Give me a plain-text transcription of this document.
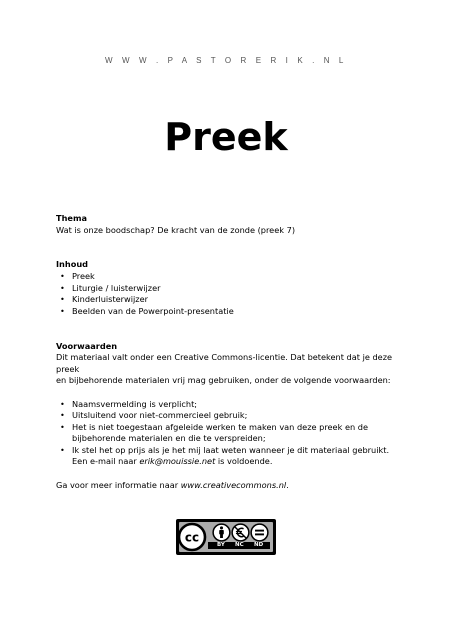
W W W . P A S T O R E R I K . N L
Preek
Thema
Wat is onze boodschap? De kracht van de zonde (preek 7)
Inhoud
• Preek
• Liturgie / luisterwijzer
• Kinderluisterwijzer
• Beelden van de Powerpoint-presentatie
Voorwaarden
Dit materiaal valt onder een Creative Commons-licentie. Dat betekent dat je deze preek
en bijbehorende materialen vrij mag gebruiken, onder de volgende voorwaarden:
• Naamsvermelding is verplicht;
• Uitsluitend voor niet-commercieel gebruik;
• Het is niet toegestaan afgeleide werken te maken van deze preek en de bijbehorende materialen en die te verspreiden;
• Ik stel het op prijs als je het mij laat weten wanneer je dit materiaal gebruikt. Een e-mail naar erik@mouissie.net is voldoende.
Ga voor meer informatie naar www.creativecommons.nl.
cc
BY NC ND
